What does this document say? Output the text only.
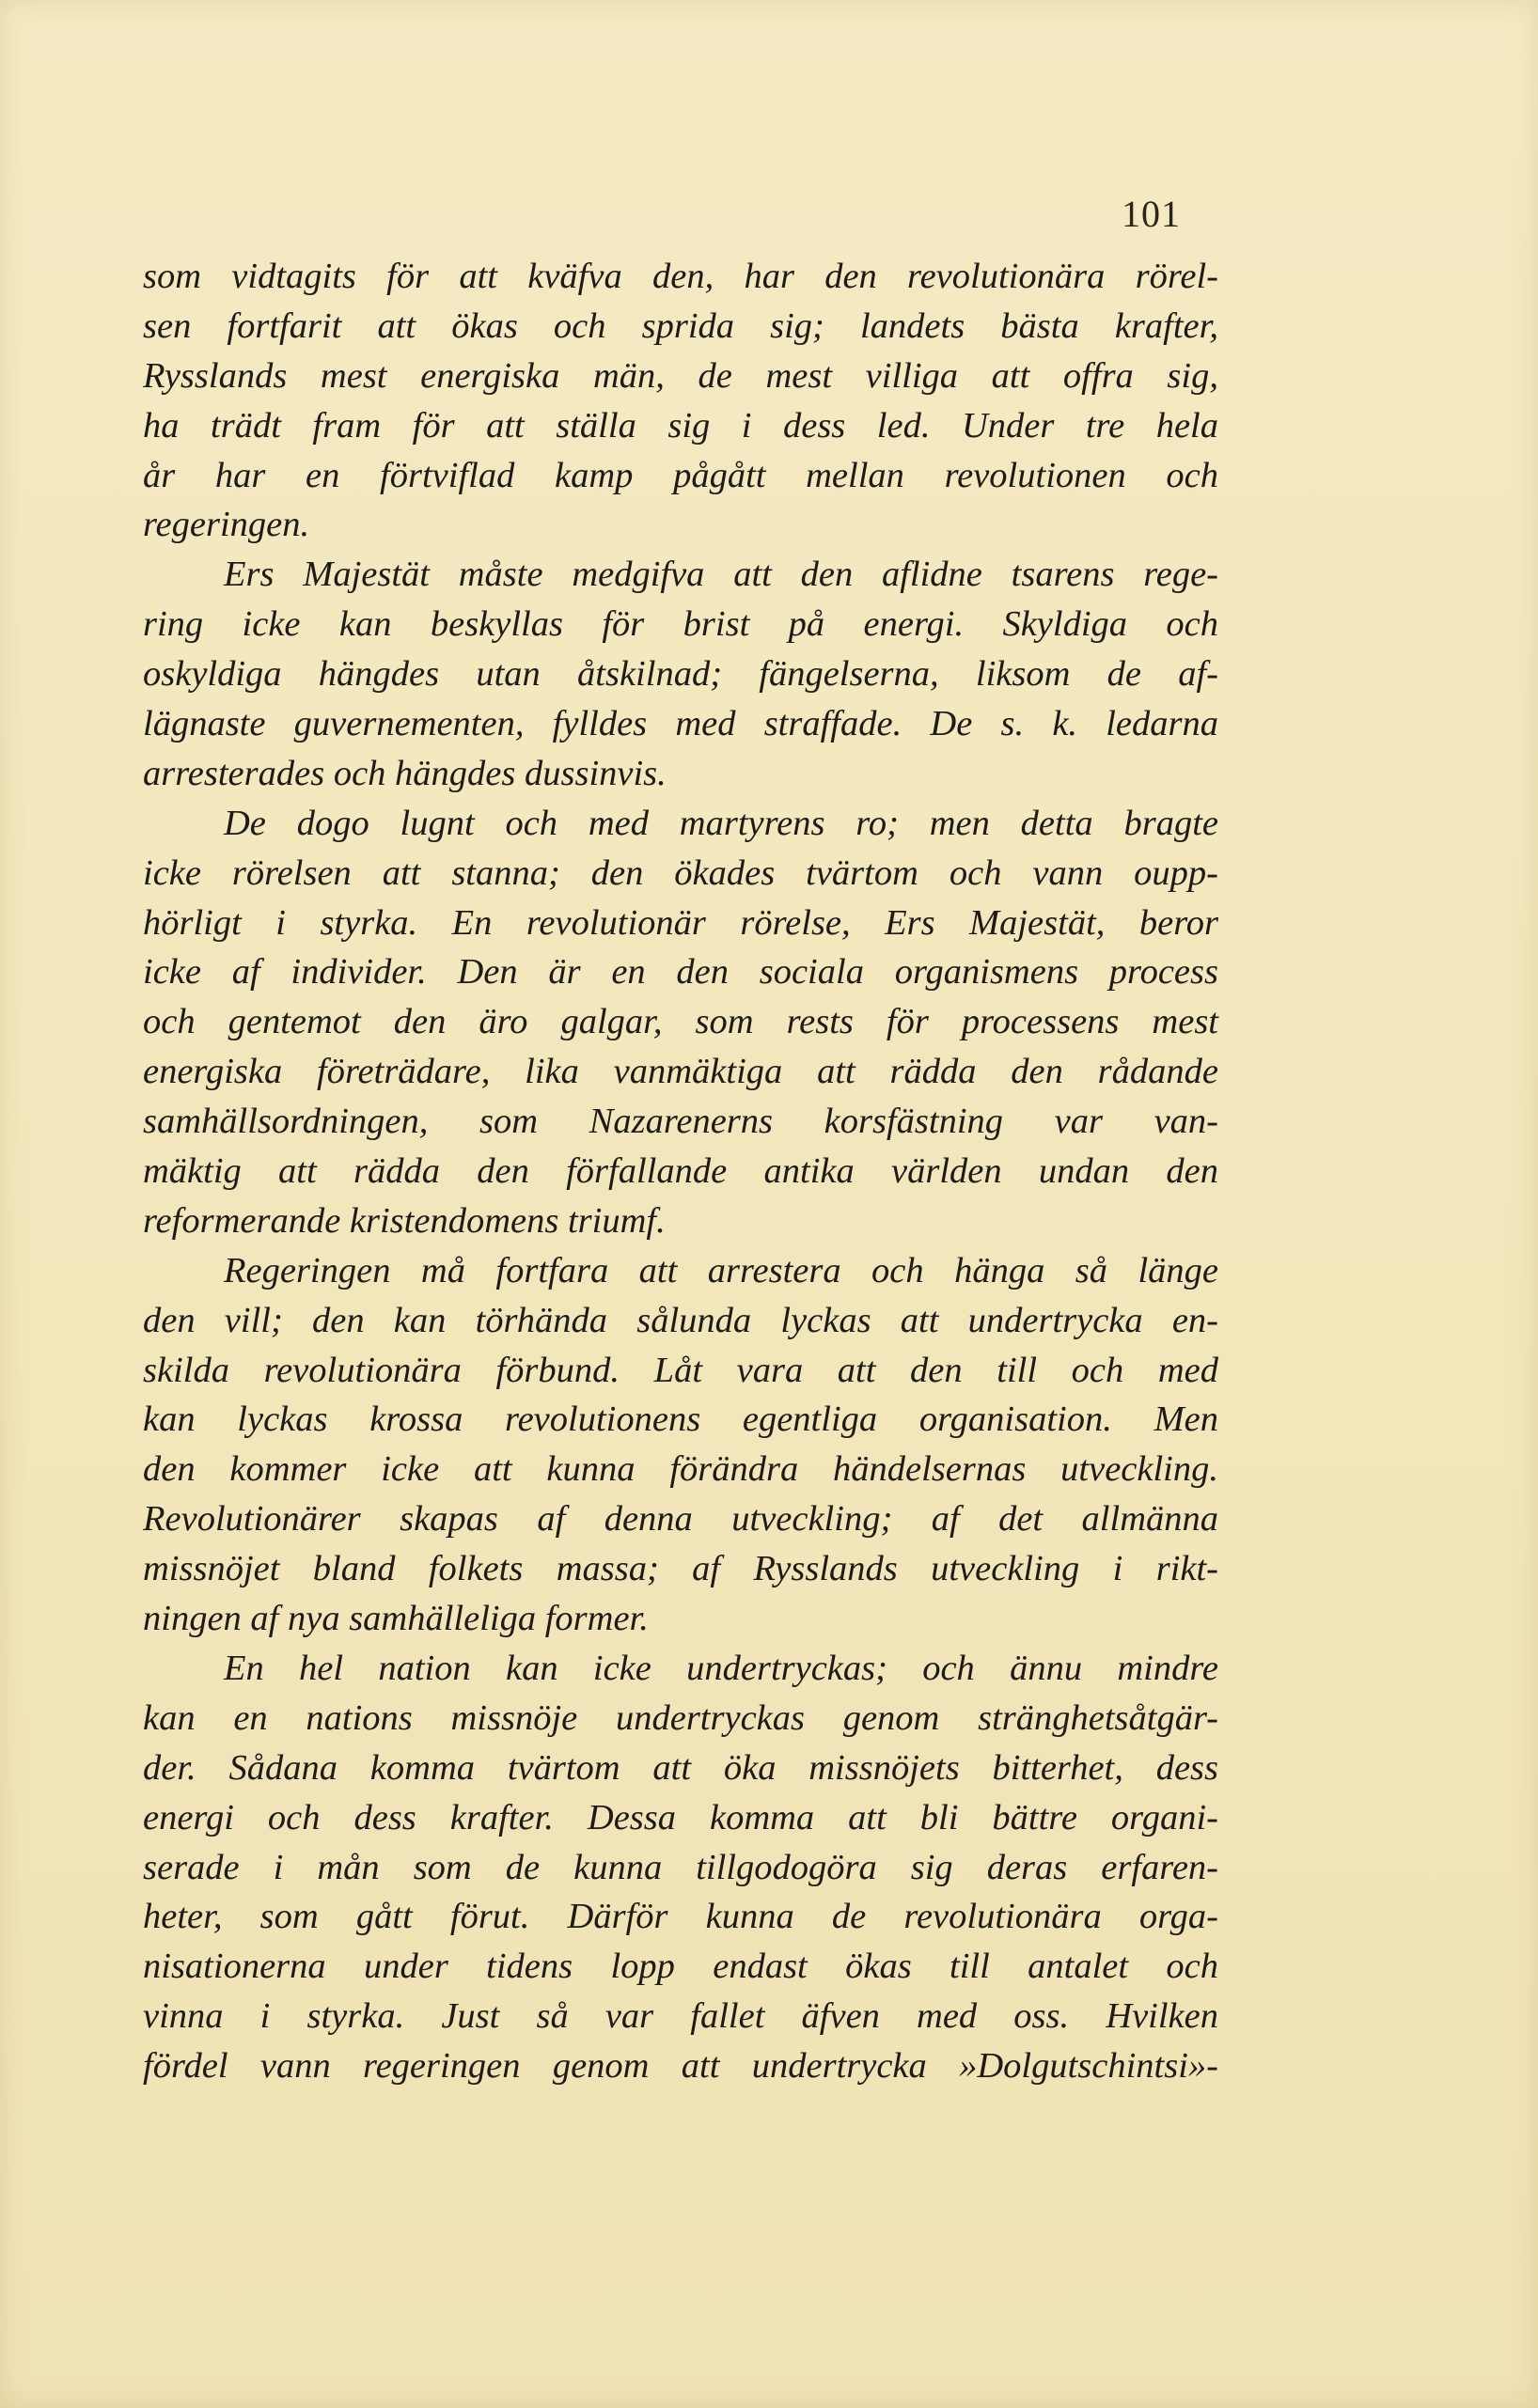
101
som vidtagits för att kväfva den, har den revolutionära rörel-
sen fortfarit att ökas och sprida sig; landets bästa krafter,
Rysslands mest energiska män, de mest villiga att offra sig,
ha trädt fram för att ställa sig i dess led. Under tre hela
år har en förtviflad kamp pågått mellan revolutionen och
regeringen.
Ers Majestät måste medgifva att den aflidne tsarens rege-
ring icke kan beskyllas för brist på energi. Skyldiga och
oskyldiga hängdes utan åtskilnad; fängelserna, liksom de af-
lägnaste guvernementen, fylldes med straffade. De s. k. ledarna
arresterades och hängdes dussinvis.
De dogo lugnt och med martyrens ro; men detta bragte
icke rörelsen att stanna; den ökades tvärtom och vann oupp-
hörligt i styrka. En revolutionär rörelse, Ers Majestät, beror
icke af individer. Den är en den sociala organismens process
och gentemot den äro galgar, som rests för processens mest
energiska företrädare, lika vanmäktiga att rädda den rådande
samhällsordningen, som Nazarenerns korsfästning var van-
mäktig att rädda den förfallande antika världen undan den
reformerande kristendomens triumf.
Regeringen må fortfara att arrestera och hänga så länge
den vill; den kan törhända sålunda lyckas att undertrycka en-
skilda revolutionära förbund. Låt vara att den till och med
kan lyckas krossa revolutionens egentliga organisation. Men
den kommer icke att kunna förändra händelsernas utveckling.
Revolutionärer skapas af denna utveckling; af det allmänna
missnöjet bland folkets massa; af Rysslands utveckling i rikt-
ningen af nya samhälleliga former.
En hel nation kan icke undertryckas; och ännu mindre
kan en nations missnöje undertryckas genom stränghetsåtgär-
der. Sådana komma tvärtom att öka missnöjets bitterhet, dess
energi och dess krafter. Dessa komma att bli bättre organi-
serade i mån som de kunna tillgodogöra sig deras erfaren-
heter, som gått förut. Därför kunna de revolutionära orga-
nisationerna under tidens lopp endast ökas till antalet och
vinna i styrka. Just så var fallet äfven med oss. Hvilken
fördel vann regeringen genom att undertrycka »Dolgutschintsi»-
